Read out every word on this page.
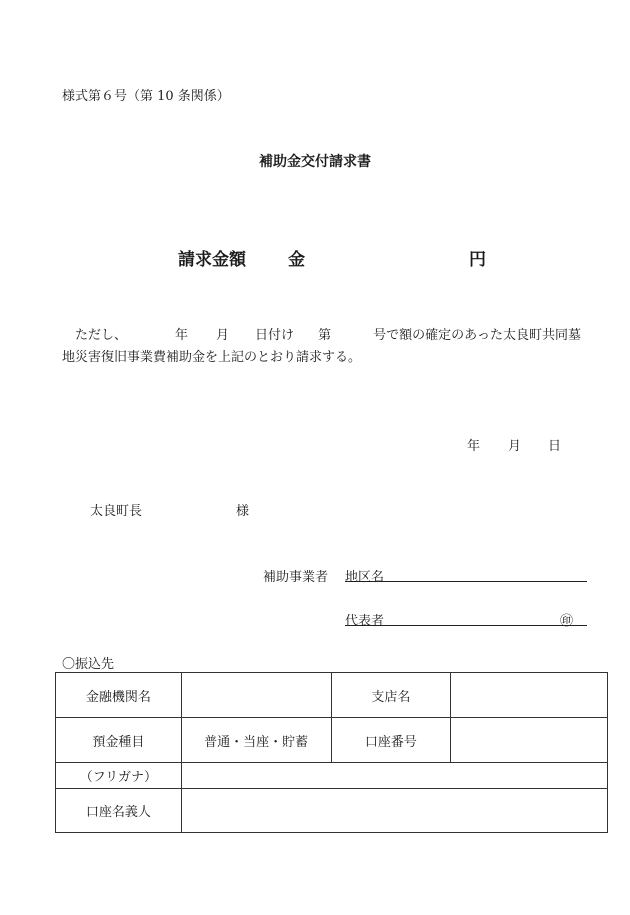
様式第６号（第 10 条関係）
補助金交付請求書
請求金額 金	円
　ただし、	年 月 日付け 第	号で額の確定のあった太良町共同墓
地災害復旧事業費補助金を上記のとおり請求する。
年 月 日
太良町長	様
補助事業者 地区名
代表者	㊞
〇振込先
金融機関名		支店名	
預金種目	普通・当座・貯蓄	口座番号	
（フリガナ）			
口座名義人			
